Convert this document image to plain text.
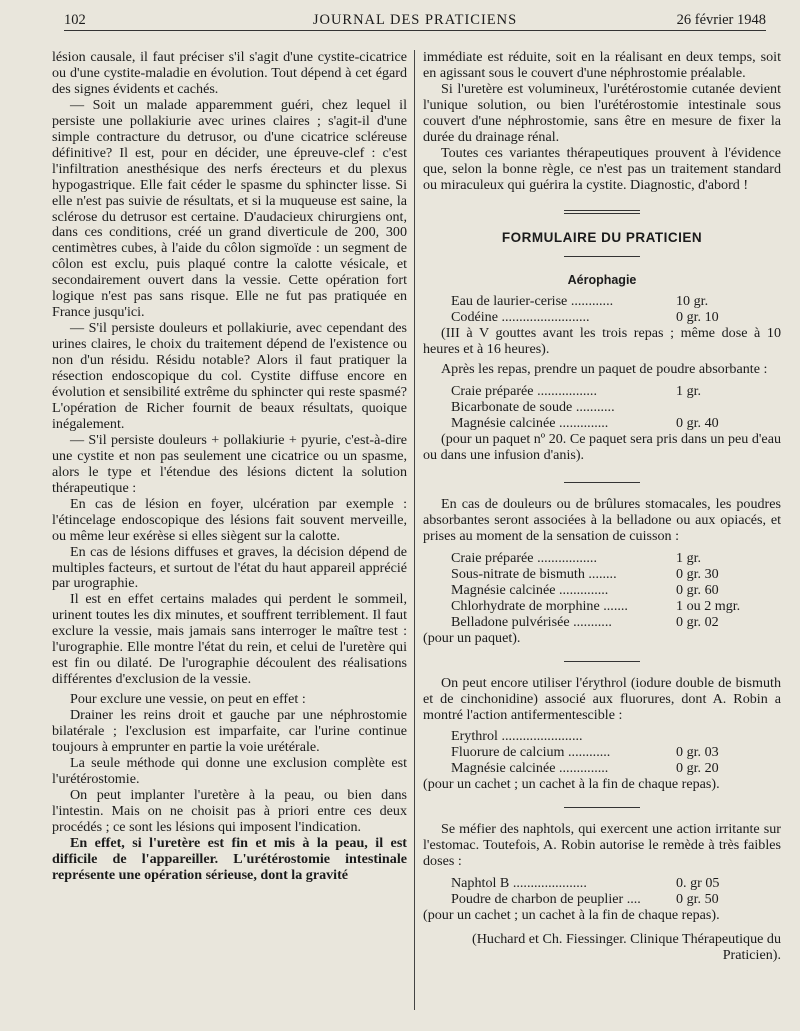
102	JOURNAL DES PRATICIENS	26 février 1948

lésion causale, il faut préciser s'il s'agit d'une cystite-cicatrice ou d'une cystite-maladie en évolution. Tout dépend à cet égard des signes évidents et cachés.

— Soit un malade apparemment guéri, chez lequel il persiste une pollakiurie avec urines claires ; s'agit-il d'une simple contracture du detrusor, ou d'une cicatrice scléreuse définitive? Il est, pour en décider, une épreuve-clef : c'est l'infiltration anesthésique des nerfs érecteurs et du plexus hypogastrique. Elle fait céder le spasme du sphincter lisse. Si elle n'est pas suivie de résultats, et si la muqueuse est saine, la sclérose du detrusor est certaine. D'audacieux chirurgiens ont, dans ces conditions, créé un grand diverticule de 200, 300 centimètres cubes, à l'aide du côlon sigmoïde : un segment de côlon est exclu, puis plaqué contre la calotte vésicale, et secondairement ouvert dans la vessie. Cette opération fort logique n'est pas sans risque. Elle ne fut pas pratiquée en France jusqu'ici.

— S'il persiste douleurs et pollakiurie, avec cependant des urines claires, le choix du traitement dépend de l'existence ou non d'un résidu. Résidu notable? Alors il faut pratiquer la résection endoscopique du col. Cystite diffuse encore en évolution et sensibilité extrême du sphincter qui reste spasmé? L'opération de Richer fournit de beaux résultats, quoique inégalement.

— S'il persiste douleurs + pollakiurie + pyurie, c'est-à-dire une cystite et non pas seulement une cicatrice ou un spasme, alors le type et l'étendue des lésions dictent la solution thérapeutique :

En cas de lésion en foyer, ulcération par exemple : l'étincelage endoscopique des lésions fait souvent merveille, ou même leur exérèse si elles siègent sur la calotte.

En cas de lésions diffuses et graves, la décision dépend de multiples facteurs, et surtout de l'état du haut appareil apprécié par urographie.

Il est en effet certains malades qui perdent le sommeil, urinent toutes les dix minutes, et souffrent terriblement. Il faut exclure la vessie, mais jamais sans interroger le maître test : l'urographie. Elle montre l'état du rein, et celui de l'uretère qui est fin ou dilaté. De l'urographie découlent des réalisations différentes d'exclusion de la vessie.

Pour exclure une vessie, on peut en effet :

Drainer les reins droit et gauche par une néphrostomie bilatérale ; l'exclusion est imparfaite, car l'urine continue toujours à emprunter en partie la voie urétérale.

La seule méthode qui donne une exclusion complète est l'urétérostomie.

On peut implanter l'uretère à la peau, ou bien dans l'intestin. Mais on ne choisit pas à priori entre ces deux procédés ; ce sont les lésions qui imposent l'indication.

En effet, si l'uretère est fin et mis à la peau, il est difficile de l'appareiller. L'urétérostomie intestinale représente une opération sérieuse, dont la gravité

immédiate est réduite, soit en la réalisant en deux temps, soit en agissant sous le couvert d'une néphrostomie préalable.

Si l'uretère est volumineux, l'urétérostomie cutanée devient l'unique solution, ou bien l'urétérostomie intestinale sous couvert d'une néphrostomie, sans être en mesure de fixer la durée du drainage rénal.

Toutes ces variantes thérapeutiques prouvent à l'évidence que, selon la bonne règle, ce n'est pas un traitement standard ou miraculeux qui guérira la cystite. Diagnostic, d'abord !

FORMULAIRE DU PRATICIEN
Aérophagie
Eau de laurier-cerise ............	10 gr.
Codéine .........................	0 gr. 10

(III à V gouttes avant les trois repas ; même dose à 10 heures et à 16 heures).

Après les repas, prendre un paquet de poudre absorbante :

Craie préparée .................	1 gr.
Bicarbonate de soude ...........
Magnésie calcinée ..............	0 gr. 40

(pour un paquet nº 20. Ce paquet sera pris dans un peu d'eau ou dans une infusion d'anis).

En cas de douleurs ou de brûlures stomacales, les poudres absorbantes seront associées à la belladone ou aux opiacés, et prises au moment de la sensation de cuisson :

Craie préparée .................	1 gr.
Sous-nitrate de bismuth ........	0 gr. 30
Magnésie calcinée ..............	0 gr. 60
Chlorhydrate de morphine .......	1 ou 2 mgr.
Belladone pulvérisée ...........	0 gr. 02

(pour un paquet).

On peut encore utiliser l'érythrol (iodure double de bismuth et de cinchonidine) associé aux fluorures, dont A. Robin a montré l'action antifermentescible :

Erythrol .......................
Fluorure de calcium ............	0 gr. 03
Magnésie calcinée ..............	0 gr. 20

(pour un cachet ; un cachet à la fin de chaque repas).

Se méfier des naphtols, qui exercent une action irritante sur l'estomac. Toutefois, A. Robin autorise le remède à très faibles doses :

Naphtol B .....................	0. gr 05
Poudre de charbon de peuplier ....	0 gr. 50

(pour un cachet ; un cachet à la fin de chaque repas).

(Huchard et Ch. Fiessinger. Clinique Thérapeutique du Praticien).
